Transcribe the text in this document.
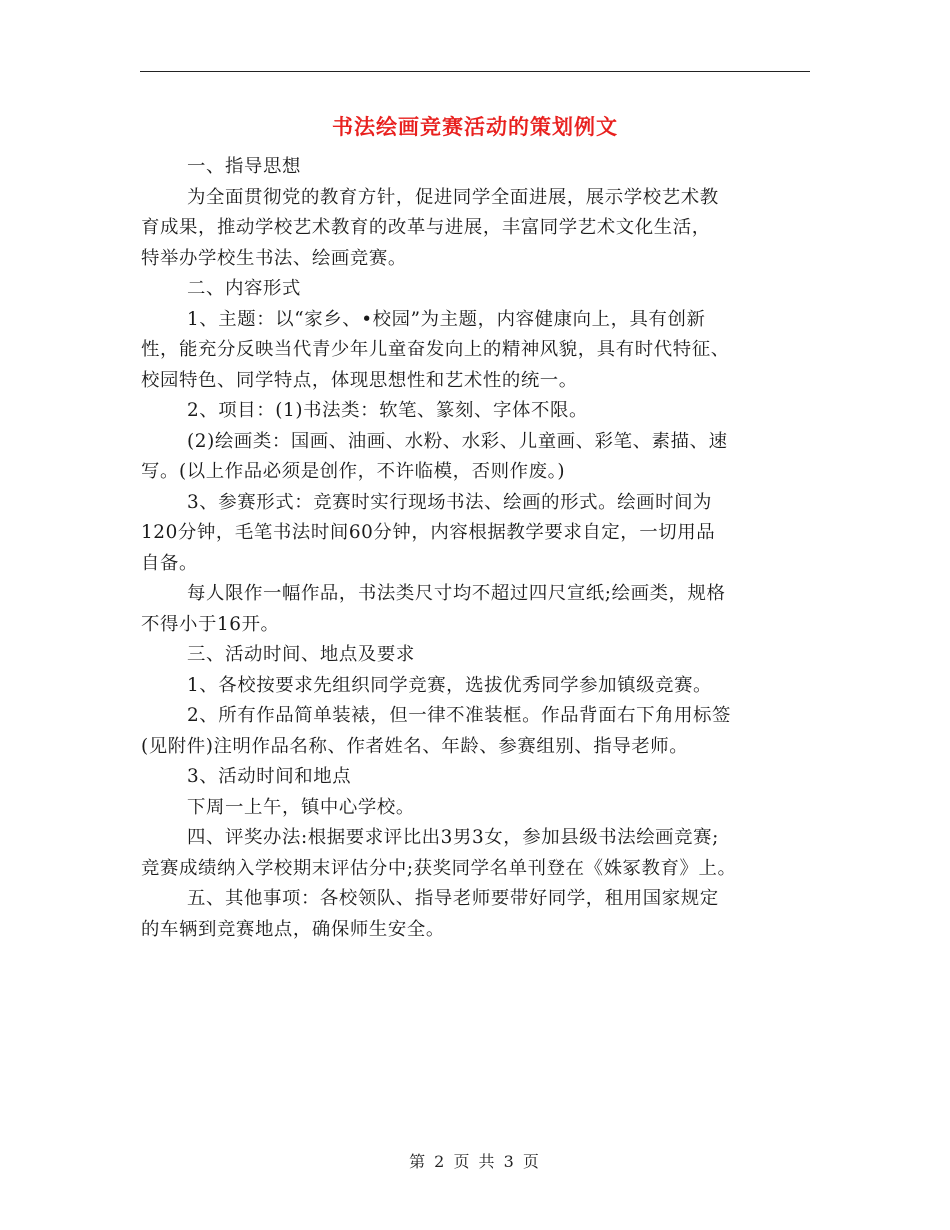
书法绘画竞赛活动的策划例文

一、指导思想

为全面贯彻党的教育方针，促进同学全面进展，展示学校艺术教

育成果，推动学校艺术教育的改革与进展，丰富同学艺术文化生活，

特举办学校生书法、绘画竞赛。

二、内容形式

1、主题：以“家乡、•校园”为主题，内容健康向上，具有创新

性，能充分反映当代青少年儿童奋发向上的精神风貌，具有时代特征、

校园特色、同学特点，体现思想性和艺术性的统一。

2、项目：(1)书法类：软笔、篆刻、字体不限。

(2)绘画类：国画、油画、水粉、水彩、儿童画、彩笔、素描、速

写。(以上作品必须是创作，不许临模，否则作废。)

3、参赛形式：竞赛时实行现场书法、绘画的形式。绘画时间为

120分钟，毛笔书法时间60分钟，内容根据教学要求自定，一切用品

自备。

每人限作一幅作品，书法类尺寸均不超过四尺宣纸;绘画类，规格

不得小于16开。

三、活动时间、地点及要求

1、各校按要求先组织同学竞赛，选拔优秀同学参加镇级竞赛。

2、所有作品简单装裱，但一律不准装框。作品背面右下角用标签

(见附件)注明作品名称、作者姓名、年龄、参赛组别、指导老师。

3、活动时间和地点

下周一上午，镇中心学校。

四、评奖办法:根据要求评比出3男3女，参加县级书法绘画竞赛;

竞赛成绩纳入学校期末评估分中;获奖同学名单刊登在《姝冢教育》上。

五、其他事项：各校领队、指导老师要带好同学，租用国家规定

的车辆到竞赛地点，确保师生安全。

第 2 页 共 3 页
